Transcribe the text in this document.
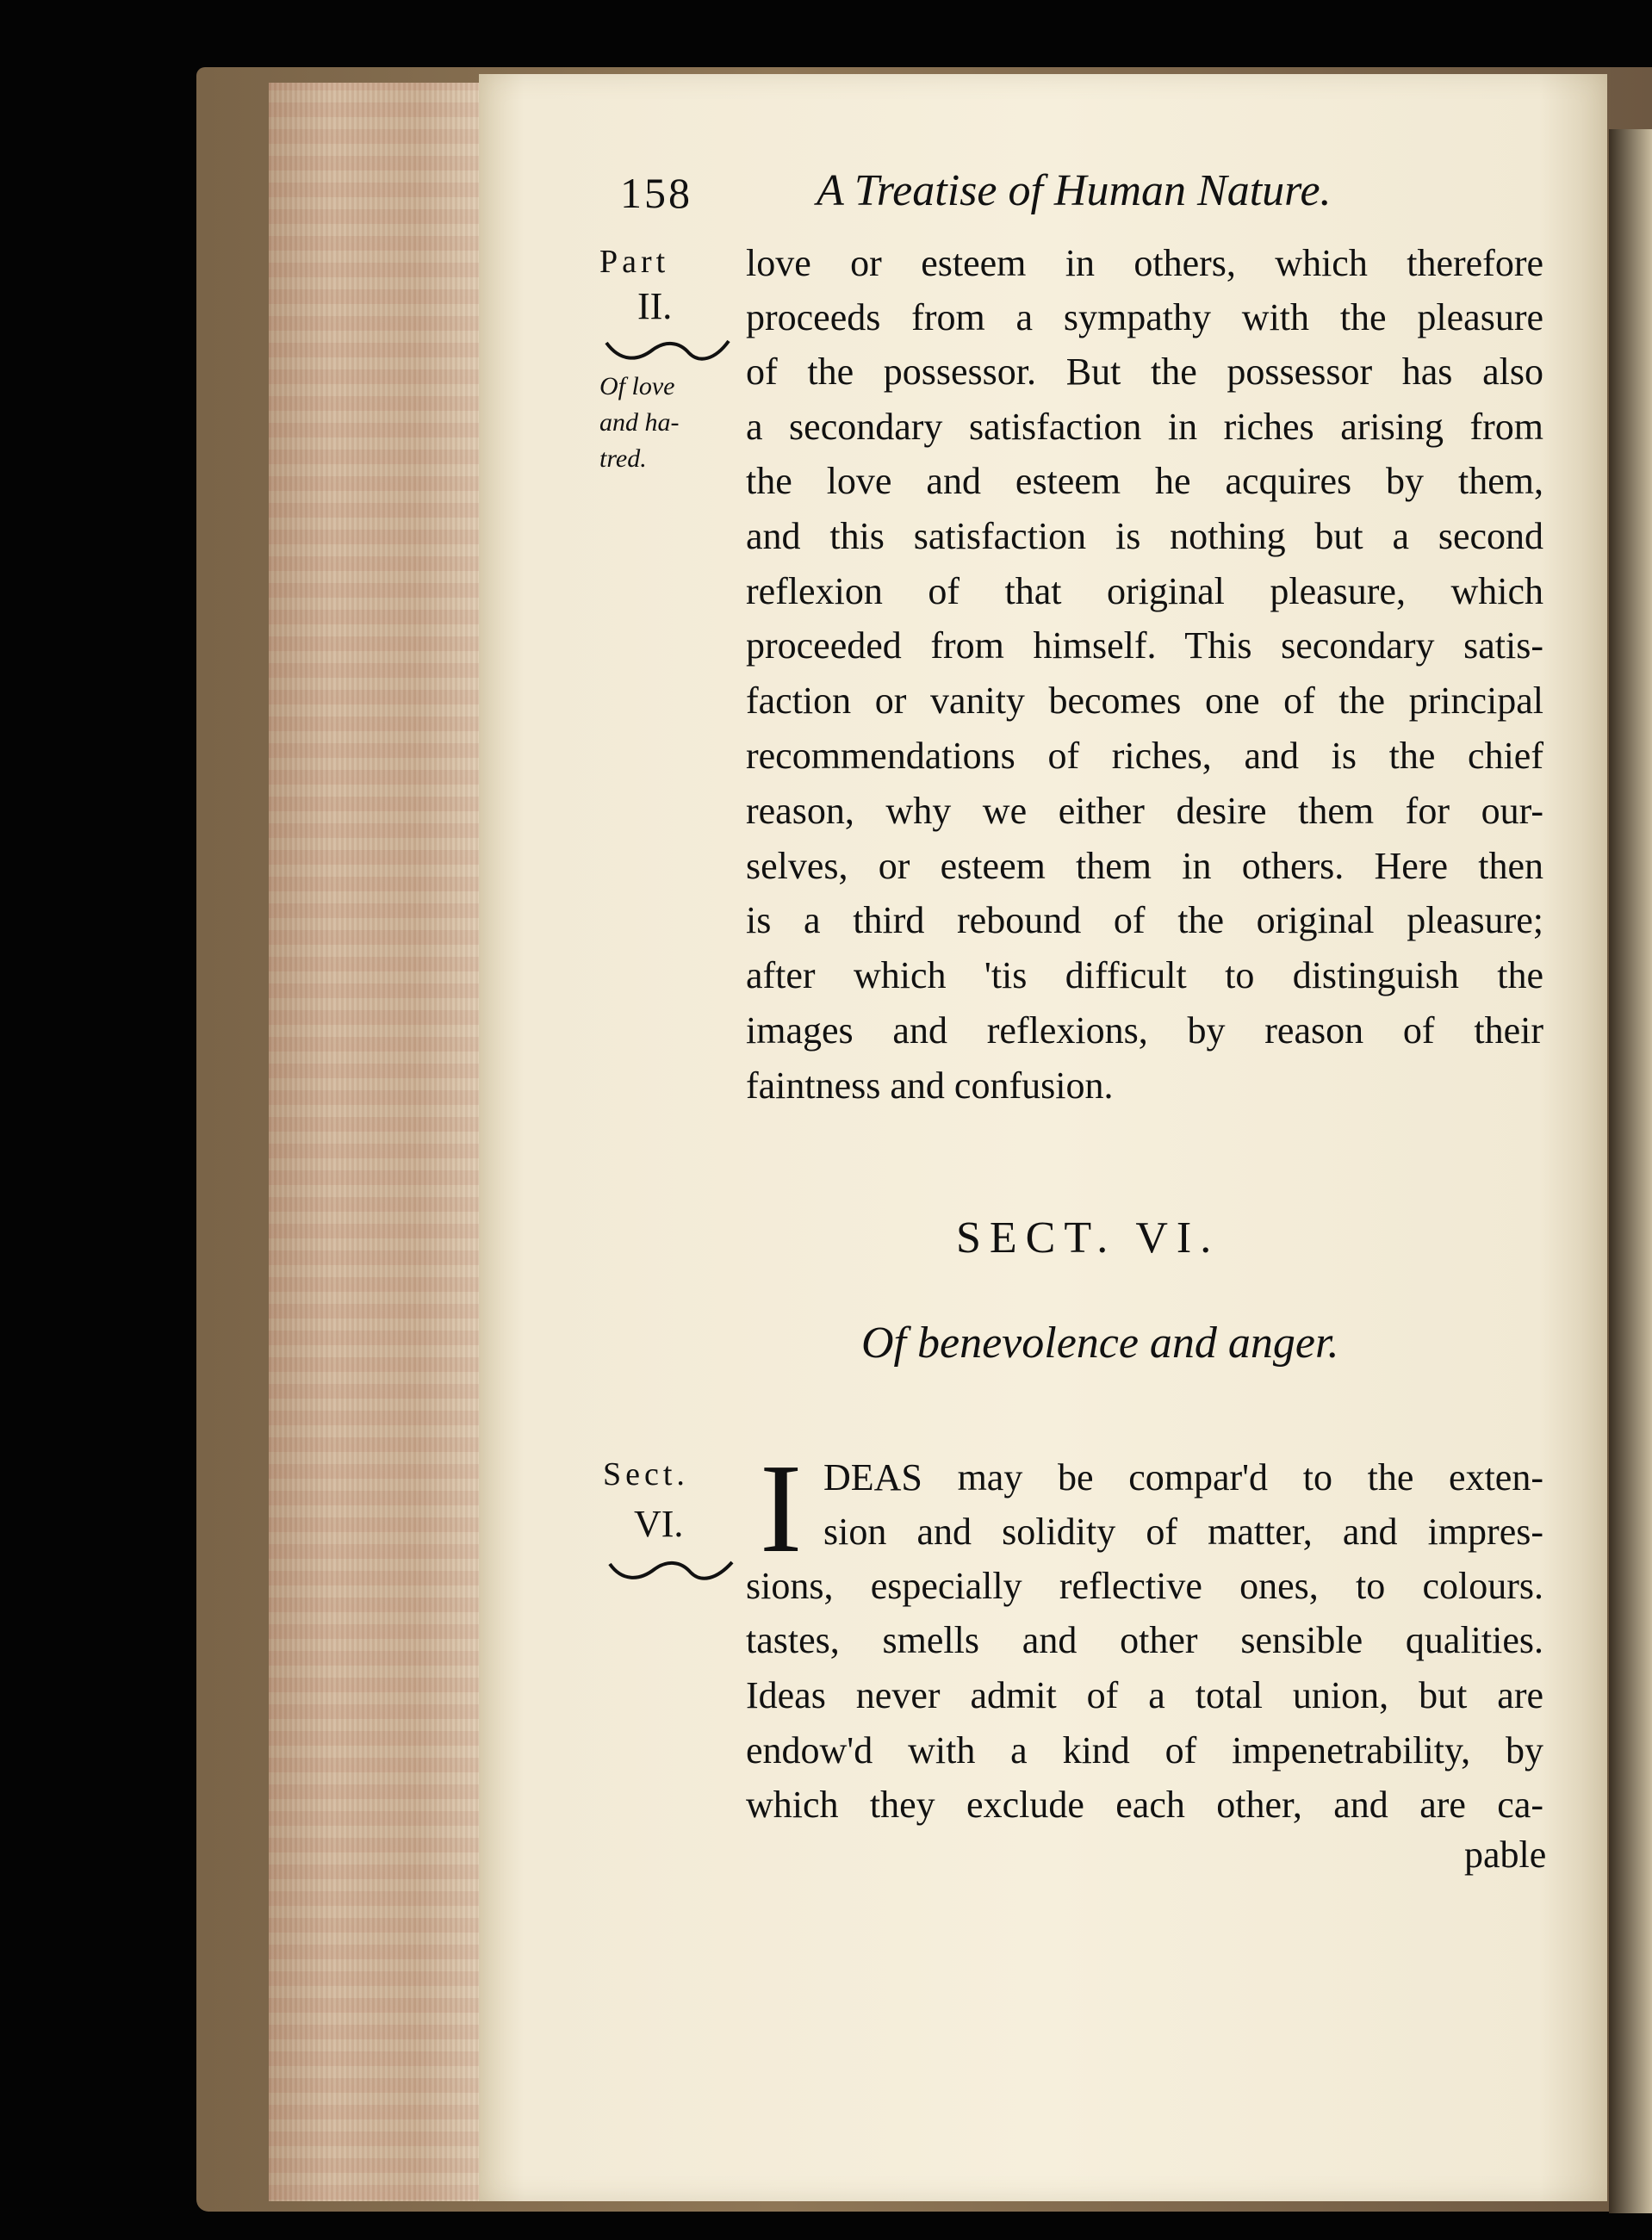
158	A Treatise of Human Nature.
Part
II.
Of love
and ha-
tred.
love or esteem in others, which therefore
proceeds from a sympathy with the pleasure
of the possessor. But the possessor has also
a secondary satisfaction in riches arising from
the love and esteem he acquires by them,
and this satisfaction is nothing but a second
reflexion of that original pleasure, which
proceeded from himself. This secondary satis-
faction or vanity becomes one of the principal
recommendations of riches, and is the chief
reason, why we either desire them for our-
selves, or esteem them in others. Here then
is a third rebound of the original pleasure;
after which 'tis difficult to distinguish the
images and reflexions, by reason of their
faintness and confusion.
SECT. VI.
Of benevolence and anger.
Sect.
VI. I DEAS may be compar'd to the exten-
sion and solidity of matter, and impres-
sions, especially reflective ones, to colours.
tastes, smells and other sensible qualities.
Ideas never admit of a total union, but are
endow'd with a kind of impenetrability, by
which they exclude each other, and are ca-
pable
